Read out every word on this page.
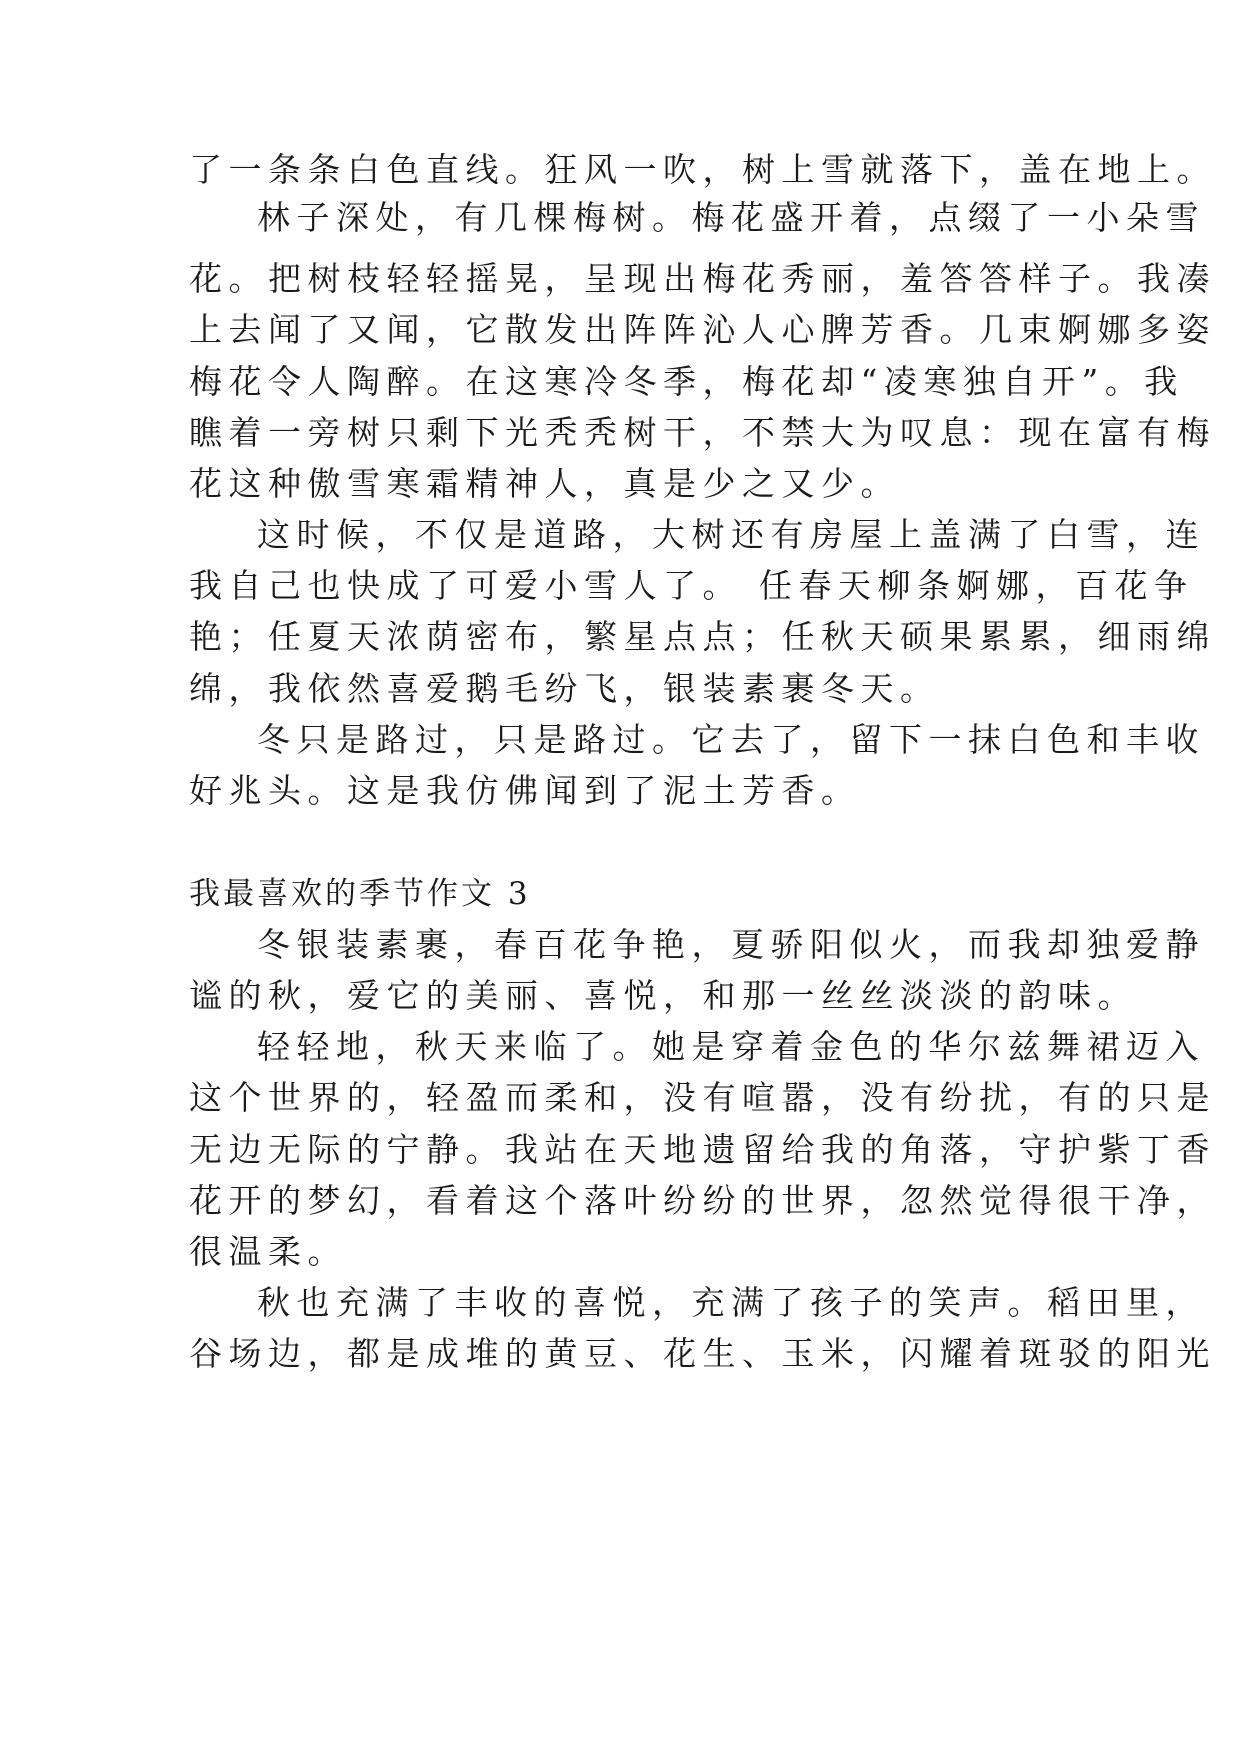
了一条条白色直线。狂风一吹，树上雪就落下，盖在地上。

林子深处，有几棵梅树。梅花盛开着，点缀了一小朵雪

花。把树枝轻轻摇晃，呈现出梅花秀丽，羞答答样子。我凑

上去闻了又闻，它散发出阵阵沁人心脾芳香。几束婀娜多姿

梅花令人陶醉。在这寒冷冬季，梅花却“凌寒独自开”。我

瞧着一旁树只剩下光秃秃树干，不禁大为叹息：现在富有梅

花这种傲雪寒霜精神人，真是少之又少。

这时候，不仅是道路，大树还有房屋上盖满了白雪，连

我自己也快成了可爱小雪人了。 任春天柳条婀娜，百花争

艳；任夏天浓荫密布，繁星点点；任秋天硕果累累，细雨绵

绵，我依然喜爱鹅毛纷飞，银装素裹冬天。

冬只是路过，只是路过。它去了，留下一抹白色和丰收

好兆头。这是我仿佛闻到了泥土芳香。

我最喜欢的季节作文 3

冬银装素裹，春百花争艳，夏骄阳似火，而我却独爱静

谧的秋，爱它的美丽、喜悦，和那一丝丝淡淡的韵味。

轻轻地，秋天来临了。她是穿着金色的华尔兹舞裙迈入

这个世界的，轻盈而柔和，没有喧嚣，没有纷扰，有的只是

无边无际的宁静。我站在天地遗留给我的角落，守护紫丁香

花开的梦幻，看着这个落叶纷纷的世界，忽然觉得很干净，

很温柔。

秋也充满了丰收的喜悦，充满了孩子的笑声。稻田里，

谷场边，都是成堆的黄豆、花生、玉米，闪耀着斑驳的阳光
